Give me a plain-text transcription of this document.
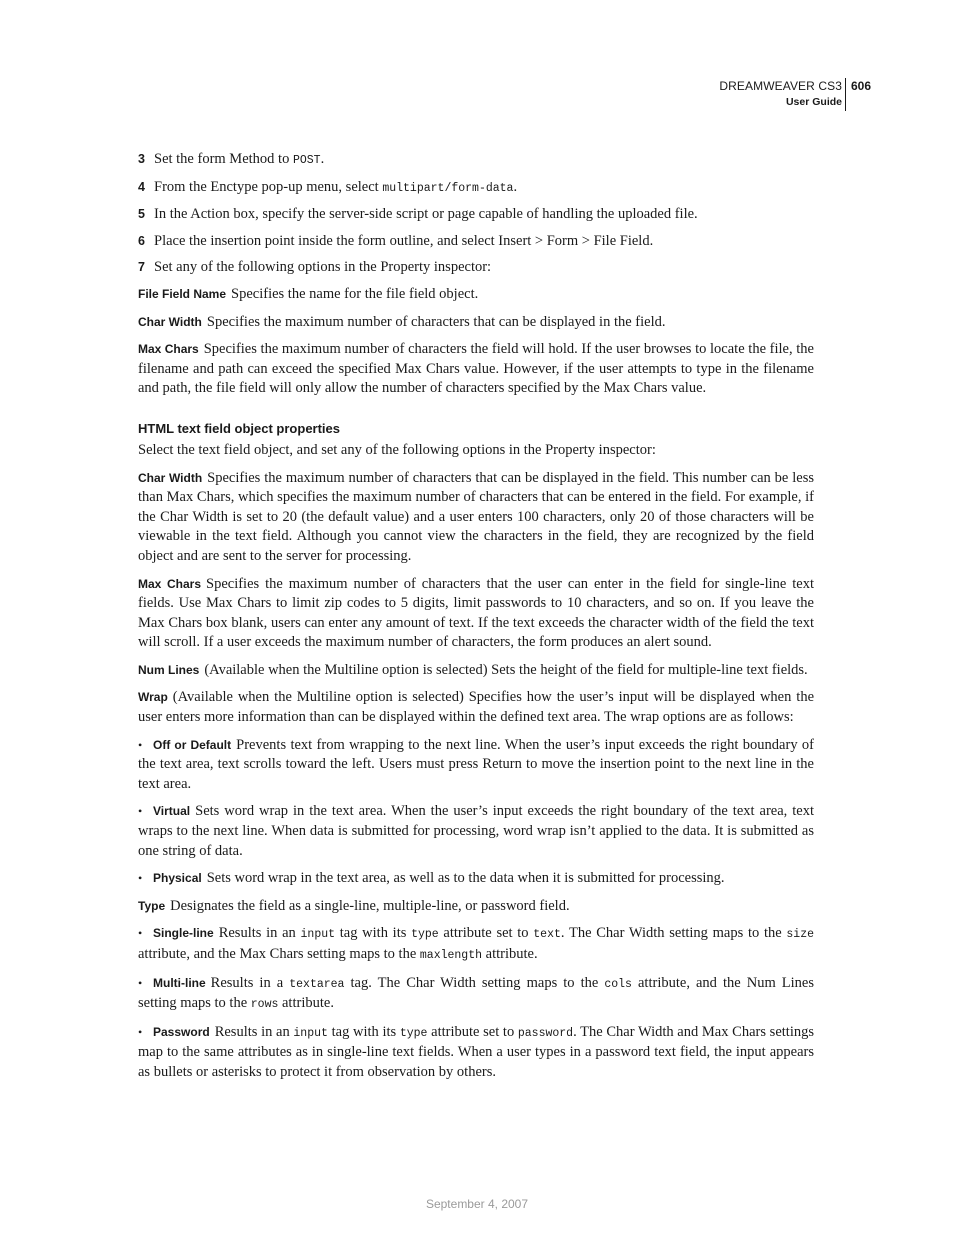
DREAMWEAVER CS3
User Guide
606

3 Set the form Method to POST.

4 From the Enctype pop-up menu, select multipart/form-data.

5 In the Action box, specify the server-side script or page capable of handling the uploaded file.

6 Place the insertion point inside the form outline, and select Insert > Form > File Field.

7 Set any of the following options in the Property inspector:

File Field Name Specifies the name for the file field object.

Char Width Specifies the maximum number of characters that can be displayed in the field.

Max Chars Specifies the maximum number of characters the field will hold. If the user browses to locate the file, the filename and path can exceed the specified Max Chars value. However, if the user attempts to type in the filename and path, the file field will only allow the number of characters specified by the Max Chars value.

HTML text field object properties

Select the text field object, and set any of the following options in the Property inspector:

Char Width Specifies the maximum number of characters that can be displayed in the field. This number can be less than Max Chars, which specifies the maximum number of characters that can be entered in the field. For example, if the Char Width is set to 20 (the default value) and a user enters 100 characters, only 20 of those characters will be viewable in the text field. Although you cannot view the characters in the field, they are recognized by the field object and are sent to the server for processing.

Max Chars Specifies the maximum number of characters that the user can enter in the field for single-line text fields. Use Max Chars to limit zip codes to 5 digits, limit passwords to 10 characters, and so on. If you leave the Max Chars box blank, users can enter any amount of text. If the text exceeds the character width of the field the text will scroll. If a user exceeds the maximum number of characters, the form produces an alert sound.

Num Lines (Available when the Multiline option is selected) Sets the height of the field for multiple-line text fields.

Wrap (Available when the Multiline option is selected) Specifies how the user’s input will be displayed when the user enters more information than can be displayed within the defined text area. The wrap options are as follows:

• Off or Default Prevents text from wrapping to the next line. When the user’s input exceeds the right boundary of the text area, text scrolls toward the left. Users must press Return to move the insertion point to the next line in the text area.

• Virtual Sets word wrap in the text area. When the user’s input exceeds the right boundary of the text area, text wraps to the next line. When data is submitted for processing, word wrap isn’t applied to the data. It is submitted as one string of data.

• Physical Sets word wrap in the text area, as well as to the data when it is submitted for processing.

Type Designates the field as a single-line, multiple-line, or password field.

• Single-line Results in an input tag with its type attribute set to text. The Char Width setting maps to the size attribute, and the Max Chars setting maps to the maxlength attribute.

• Multi-line Results in a textarea tag. The Char Width setting maps to the cols attribute, and the Num Lines setting maps to the rows attribute.

• Password Results in an input tag with its type attribute set to password. The Char Width and Max Chars settings map to the same attributes as in single-line text fields. When a user types in a password text field, the input appears as bullets or asterisks to protect it from observation by others.

September 4, 2007
